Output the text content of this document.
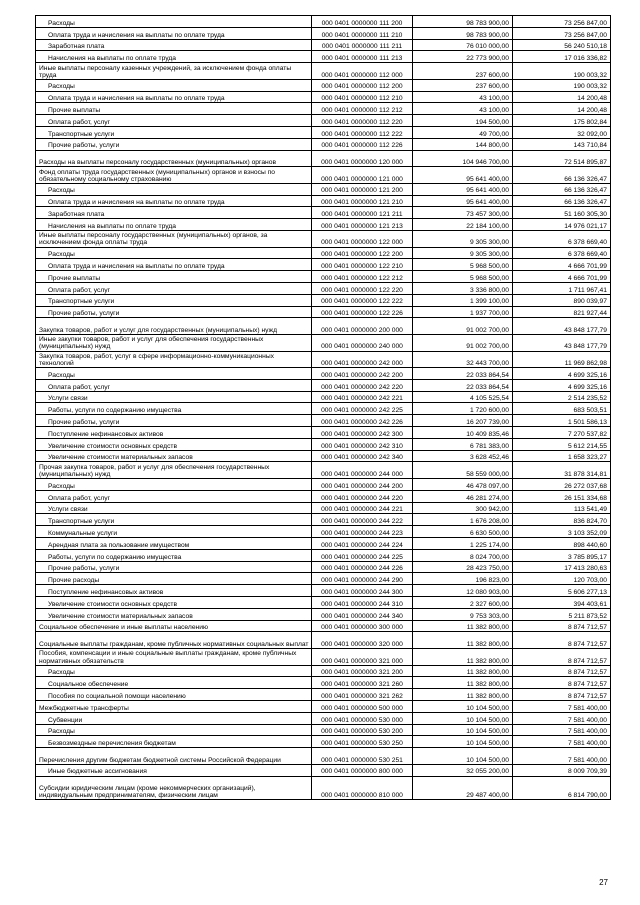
Расходы	000 0401 0000000 111 200	98 783 900,00	73 256 847,00
Оплата труда и начисления на выплаты по оплате труда	000 0401 0000000 111 210	98 783 900,00	73 256 847,00
Заработная плата	000 0401 0000000 111 211	76 010 000,00	56 240 510,18
Начисления на выплаты по оплате труда	000 0401 0000000 111 213	22 773 900,00	17 016 336,82
Иные выплаты персоналу казенных учреждений, за исключением фонда оплаты труда	000 0401 0000000 112 000	237 600,00	190 003,32
Расходы	000 0401 0000000 112 200	237 600,00	190 003,32
Оплата труда и начисления на выплаты по оплате труда	000 0401 0000000 112 210	43 100,00	14 200,48
Прочие выплаты	000 0401 0000000 112 212	43 100,00	14 200,48
Оплата работ, услуг	000 0401 0000000 112 220	194 500,00	175 802,84
Транспортные услуги	000 0401 0000000 112 222	49 700,00	32 092,00
Прочие работы, услуги	000 0401 0000000 112 226	144 800,00	143 710,84
Расходы на выплаты персоналу государственных (муниципальных) органов	000 0401 0000000 120 000	104 946 700,00	72 514 895,87
Фонд оплаты труда государственных (муниципальных) органов и взносы по обязательному социальному страхованию	000 0401 0000000 121 000	95 641 400,00	66 136 326,47
Расходы	000 0401 0000000 121 200	95 641 400,00	66 136 326,47
Оплата труда и начисления на выплаты по оплате труда	000 0401 0000000 121 210	95 641 400,00	66 136 326,47
Заработная плата	000 0401 0000000 121 211	73 457 300,00	51 160 305,30
Начисления на выплаты по оплате труда	000 0401 0000000 121 213	22 184 100,00	14 976 021,17
Иные выплаты персоналу государственных (муниципальных) органов, за исключением фонда оплаты труда	000 0401 0000000 122 000	9 305 300,00	6 378 669,40
Расходы	000 0401 0000000 122 200	9 305 300,00	6 378 669,40
Оплата труда и начисления на выплаты по оплате труда	000 0401 0000000 122 210	5 968 500,00	4 666 701,99
Прочие выплаты	000 0401 0000000 122 212	5 968 500,00	4 666 701,99
Оплата работ, услуг	000 0401 0000000 122 220	3 336 800,00	1 711 967,41
Транспортные услуги	000 0401 0000000 122 222	1 399 100,00	890 039,97
Прочие работы, услуги	000 0401 0000000 122 226	1 937 700,00	821 927,44
Закупка товаров, работ и услуг для государственных (муниципальных) нужд	000 0401 0000000 200 000	91 002 700,00	43 848 177,79
Иные закупки товаров, работ и услуг для обеспечения государственных (муниципальных) нужд	000 0401 0000000 240 000	91 002 700,00	43 848 177,79
Закупка товаров, работ, услуг в сфере информационно-коммуникационных технологий	000 0401 0000000 242 000	32 443 700,00	11 969 862,98
Расходы	000 0401 0000000 242 200	22 033 864,54	4 699 325,16
Оплата работ, услуг	000 0401 0000000 242 220	22 033 864,54	4 699 325,16
Услуги связи	000 0401 0000000 242 221	4 105 525,54	2 514 235,52
Работы, услуги по содержанию имущества	000 0401 0000000 242 225	1 720 600,00	683 503,51
Прочие работы, услуги	000 0401 0000000 242 226	16 207 739,00	1 501 586,13
Поступление нефинансовых активов	000 0401 0000000 242 300	10 409 835,46	7 270 537,82
Увеличение стоимости основных средств	000 0401 0000000 242 310	6 781 383,00	5 612 214,55
Увеличение стоимости материальных запасов	000 0401 0000000 242 340	3 628 452,46	1 658 323,27
Прочая закупка товаров, работ и услуг для обеспечения государственных (муниципальных) нужд	000 0401 0000000 244 000	58 559 000,00	31 878 314,81
Расходы	000 0401 0000000 244 200	46 478 097,00	26 272 037,68
Оплата работ, услуг	000 0401 0000000 244 220	46 281 274,00	26 151 334,68
Услуги связи	000 0401 0000000 244 221	300 942,00	113 541,49
Транспортные услуги	000 0401 0000000 244 222	1 676 208,00	836 824,70
Коммунальные услуги	000 0401 0000000 244 223	6 630 500,00	3 103 352,09
Арендная плата за пользование имуществом	000 0401 0000000 244 224	1 225 174,00	898 440,60
Работы, услуги по содержанию имущества	000 0401 0000000 244 225	8 024 700,00	3 785 895,17
Прочие работы, услуги	000 0401 0000000 244 226	28 423 750,00	17 413 280,63
Прочие расходы	000 0401 0000000 244 290	196 823,00	120 703,00
Поступление нефинансовых активов	000 0401 0000000 244 300	12 080 903,00	5 606 277,13
Увеличение стоимости основных средств	000 0401 0000000 244 310	2 327 600,00	394 403,61
Увеличение стоимости материальных запасов	000 0401 0000000 244 340	9 753 303,00	5 211 873,52
Социальное обеспечение и иные выплаты населению	000 0401 0000000 300 000	11 382 800,00	8 874 712,57
Социальные выплаты гражданам, кроме публичных нормативных социальных выплат	000 0401 0000000 320 000	11 382 800,00	8 874 712,57
Пособия, компенсации и иные социальные выплаты гражданам, кроме публичных нормативных обязательств	000 0401 0000000 321 000	11 382 800,00	8 874 712,57
Расходы	000 0401 0000000 321 200	11 382 800,00	8 874 712,57
Социальное обеспечение	000 0401 0000000 321 260	11 382 800,00	8 874 712,57
Пособия по социальной помощи населению	000 0401 0000000 321 262	11 382 800,00	8 874 712,57
Межбюджетные трансферты	000 0401 0000000 500 000	10 104 500,00	7 581 400,00
Субвенции	000 0401 0000000 530 000	10 104 500,00	7 581 400,00
Расходы	000 0401 0000000 530 200	10 104 500,00	7 581 400,00
Безвозмездные перечисления бюджетам	000 0401 0000000 530 250	10 104 500,00	7 581 400,00
Перечисления другим бюджетам бюджетной системы Российской Федерации	000 0401 0000000 530 251	10 104 500,00	7 581 400,00
Иные бюджетные ассигнования	000 0401 0000000 800 000	32 055 200,00	8 009 709,39
Субсидии юридическим лицам (кроме некоммерческих организаций), индивидуальным предпринимателям, физическим лицам	000 0401 0000000 810 000	29 487 400,00	6 814 790,00
27
